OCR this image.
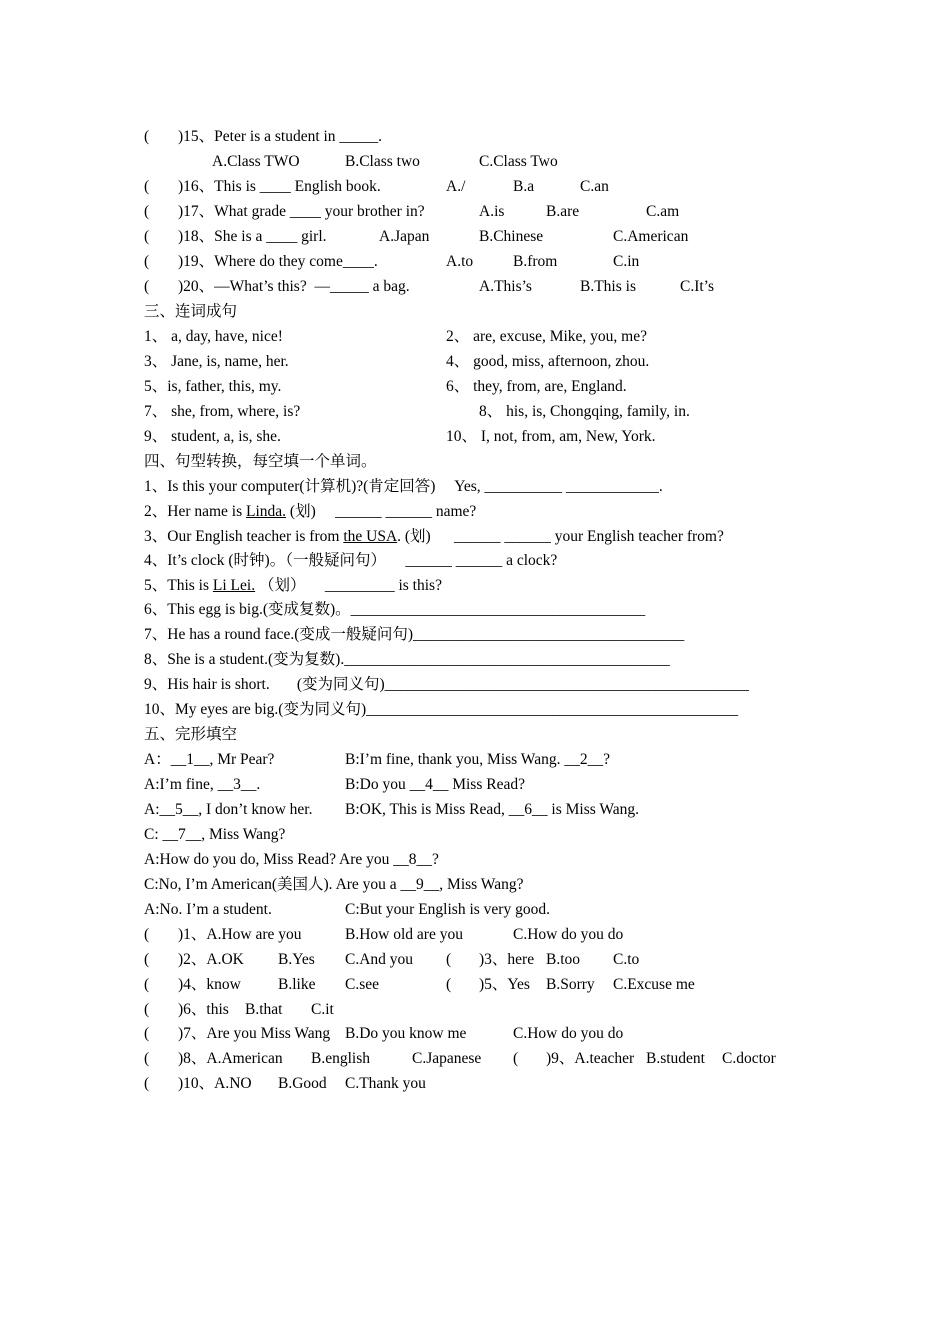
( )15、Peter is a student in _____.
A.Class TWO	B.Class two	C.Class Two
( )16、This is ____ English book.	A./	B.a	C.an
( )17、What grade ____ your brother in?	A.is	B.are	C.am
( )18、She is a ____ girl.	A.Japan	B.Chinese	C.American
( )19、Where do they come____.	A.to	B.from	C.in
( )20、—What’s this?  —_____ a bag.	A.This’s	B.This is	C.It’s
三、连词成句
1、 a, day, have, nice!	2、 are, excuse, Mike, you, me?
3、 Jane, is, name, her.	4、 good, miss, afternoon, zhou.
5、is, father, this, my.	6、 they, from, are, England.
7、 she, from, where, is?	8、 his, is, Chongqing, family, in.
9、 student, a, is, she.	10、 I, not, from, am, New, York.
四、句型转换，每空填一个单词。
1、Is this your computer(计算机)?(肯定回答)     Yes, __________ ____________.
2、Her name is Linda. (划)     ______ ______ name?
3、Our English teacher is from the USA. (划)      ______ ______ your English teacher from?
4、It’s clock (时钟)。（一般疑问句）     ______ ______ a clock?
5、This is Li Lei. （划）     _________ is this?
6、This egg is big.(变成复数)。______________________________________
7、He has a round face.(变成一般疑问句)___________________________________
8、She is a student.(变为复数).__________________________________________
9、His hair is short.       (变为同义句)_______________________________________________
10、My eyes are big.(变为同义句)________________________________________________
五、完形填空
A：__1__, Mr Pear?	B:I’m fine, thank you, Miss Wang. __2__?
A:I’m fine, __3__.	B:Do you __4__ Miss Read?
A:__5__, I don’t know her. B:OK, This is Miss Read, __6__ is Miss Wang.
C: __7__, Miss Wang?
A:How do you do, Miss Read? Are you __8__?
C:No, I’m American(美国人). Are you a __9__, Miss Wang?
A:No. I’m a student.	C:But your English is very good.
( )1、A.How are you	B.How old are you	C.How do you do
( )2、A.OK B.Yes C.And you ( )3、here B.too C.to
( )4、know B.like C.see	( )5、Yes B.Sorry C.Excuse me
( )6、this B.that C.it
( )7、Are you Miss Wang B.Do you know me	C.How do you do
( )8、A.American B.english	C.Japanese ( )9、A.teacher B.student C.doctor
( )10、A.NO B.Good C.Thank you
